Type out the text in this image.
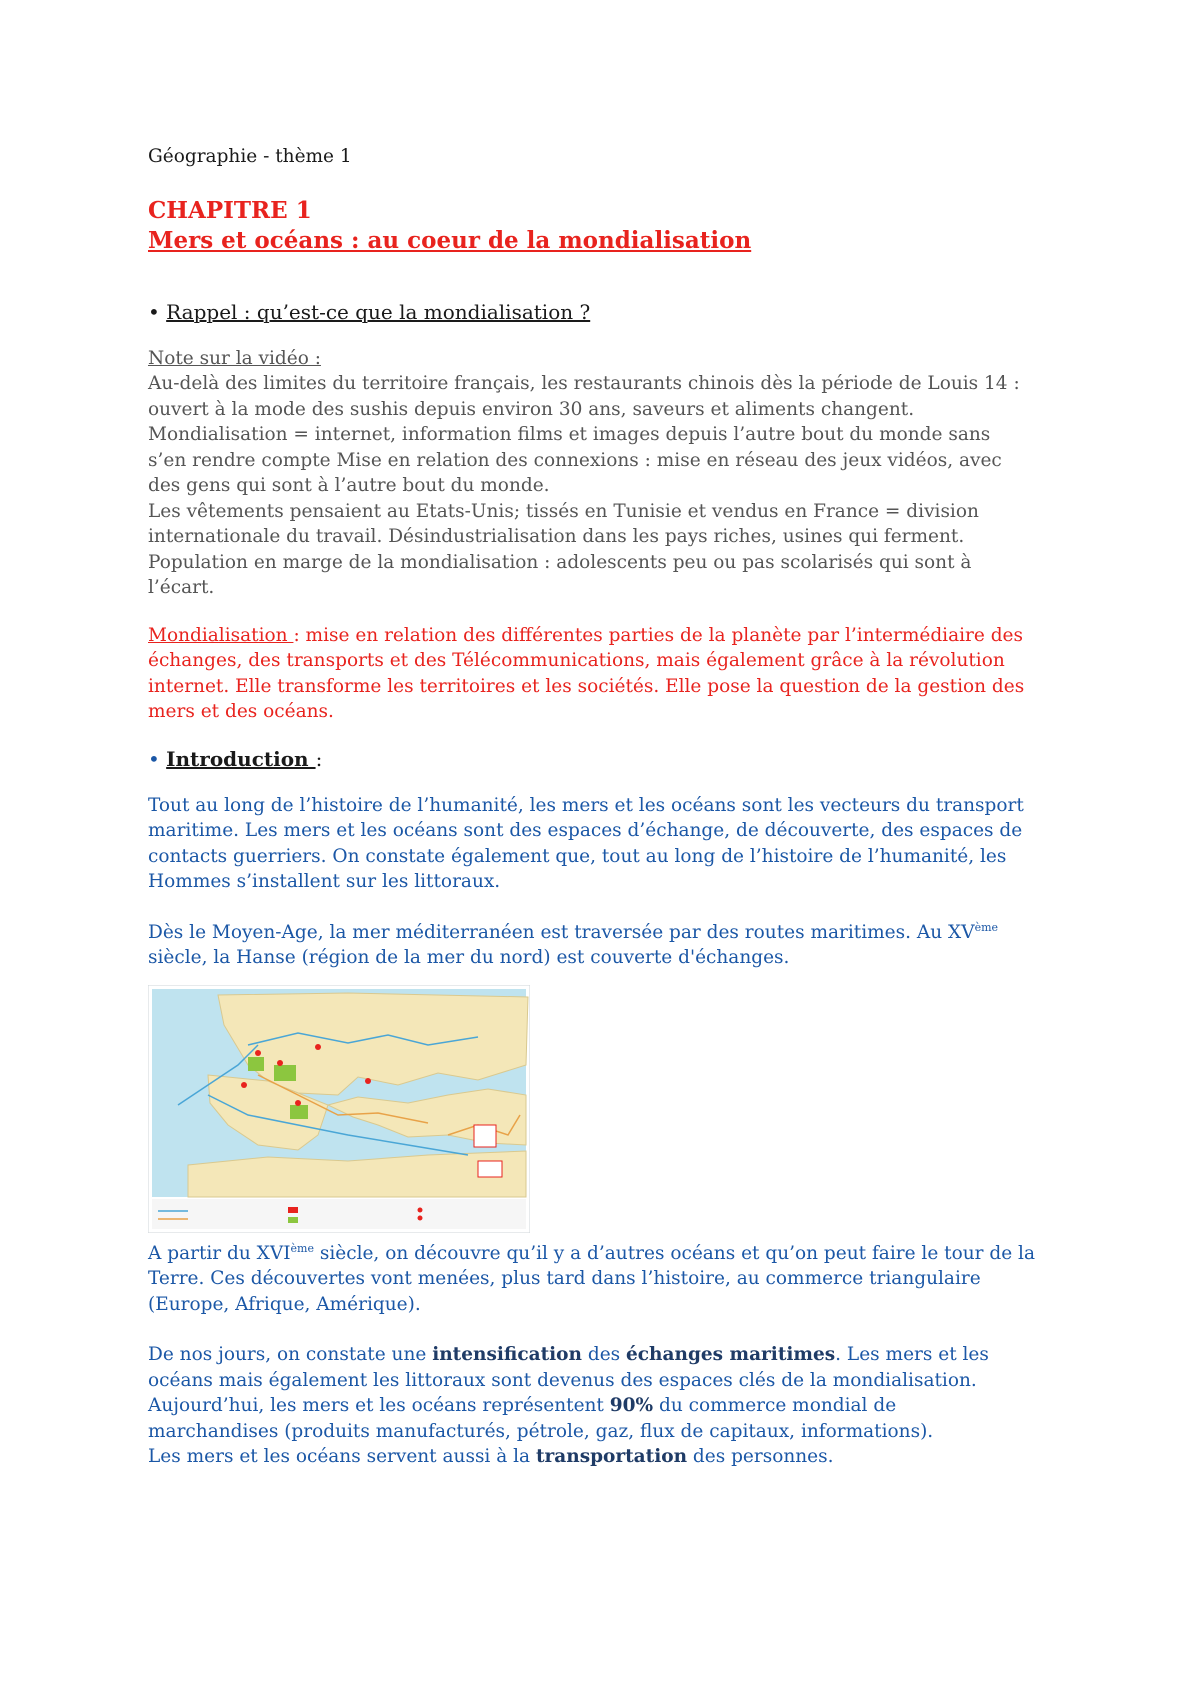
Géographie - thème 1

CHAPITRE 1

Mers et océans : au coeur de la mondialisation

• Rappel : qu’est-ce que la mondialisation ?

Note sur la vidéo :

Au-delà des limites du territoire français, les restaurants chinois dès la période de Louis 14 :
ouvert à la mode des sushis depuis environ 30 ans, saveurs et aliments changent.
Mondialisation = internet, information films et images depuis l’autre bout du monde sans
s’en rendre compte Mise en relation des connexions : mise en réseau des jeux vidéos, avec
des gens qui sont à l’autre bout du monde.
Les vêtements pensaient au Etats-Unis; tissés en Tunisie et vendus en France = division
internationale du travail. Désindustrialisation dans les pays riches, usines qui ferment.
Population en marge de la mondialisation : adolescents peu ou pas scolarisés qui sont à
l’écart.
Mondialisation : mise en relation des différentes parties de la planète par l’intermédiaire des
échanges, des transports et des Télécommunications, mais également grâce à la révolution
internet. Elle transforme les territoires et les sociétés. Elle pose la question de la gestion des
mers et des océans.

• Introduction :

Tout au long de l’histoire de l’humanité, les mers et les océans sont les vecteurs du transport
maritime. Les mers et les océans sont des espaces d’échange, de découverte, des espaces de
contacts guerriers. On constate également que, tout au long de l’histoire de l’humanité, les
Hommes s’installent sur les littoraux.
Dès le Moyen-Age, la mer méditerranéen est traversée par des routes maritimes. Au XVème
siècle, la Hanse (région de la mer du nord) est couverte d'échanges.
A partir du XVIème siècle, on découvre qu’il y a d’autres océans et qu’on peut faire le tour de la
Terre. Ces découvertes vont menées, plus tard dans l’histoire, au commerce triangulaire
(Europe, Afrique, Amérique).
De nos jours, on constate une intensification des échanges maritimes. Les mers et les
océans mais également les littoraux sont devenus des espaces clés de la mondialisation.
Aujourd’hui, les mers et les océans représentent 90% du commerce mondial de
marchandises (produits manufacturés, pétrole, gaz, flux de capitaux, informations).
Les mers et les océans servent aussi à la transportation des personnes.
